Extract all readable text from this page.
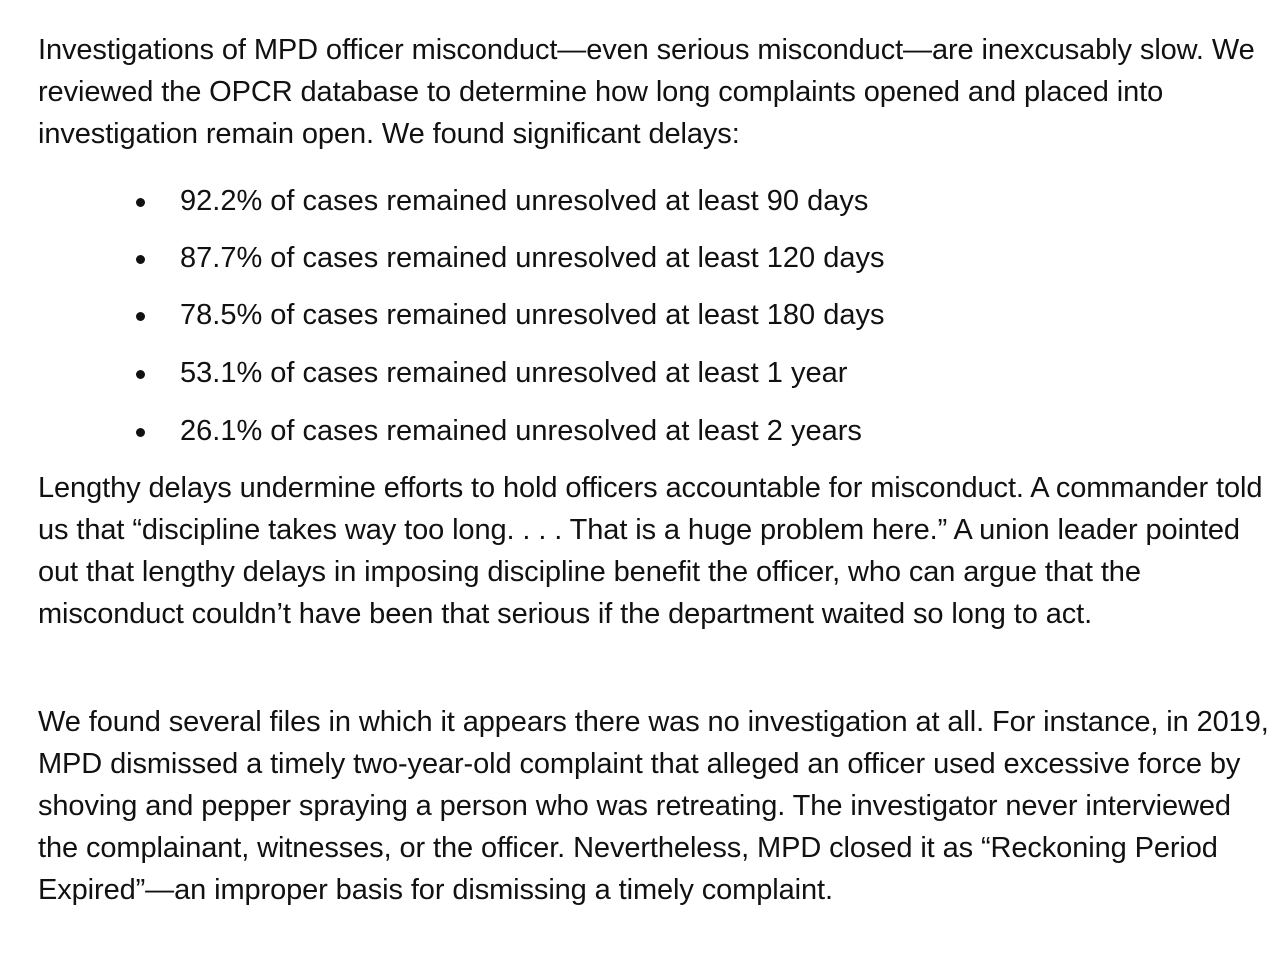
Investigations of MPD officer misconduct—even serious misconduct—are inexcusably slow. We reviewed the OPCR database to determine how long complaints opened and placed into investigation remain open. We found significant delays:

92.2% of cases remained unresolved at least 90 days
87.7% of cases remained unresolved at least 120 days
78.5% of cases remained unresolved at least 180 days
53.1% of cases remained unresolved at least 1 year
26.1% of cases remained unresolved at least 2 years

Lengthy delays undermine efforts to hold officers accountable for misconduct. A commander told us that “discipline takes way too long. . . . That is a huge problem here.” A union leader pointed out that lengthy delays in imposing discipline benefit the officer, who can argue that the misconduct couldn’t have been that serious if the department waited so long to act.

We found several files in which it appears there was no investigation at all. For instance, in 2019, MPD dismissed a timely two-year-old complaint that alleged an officer used excessive force by shoving and pepper spraying a person who was retreating. The investigator never interviewed the complainant, witnesses, or the officer. Nevertheless, MPD closed it as “Reckoning Period Expired”—an improper basis for dismissing a timely complaint.
